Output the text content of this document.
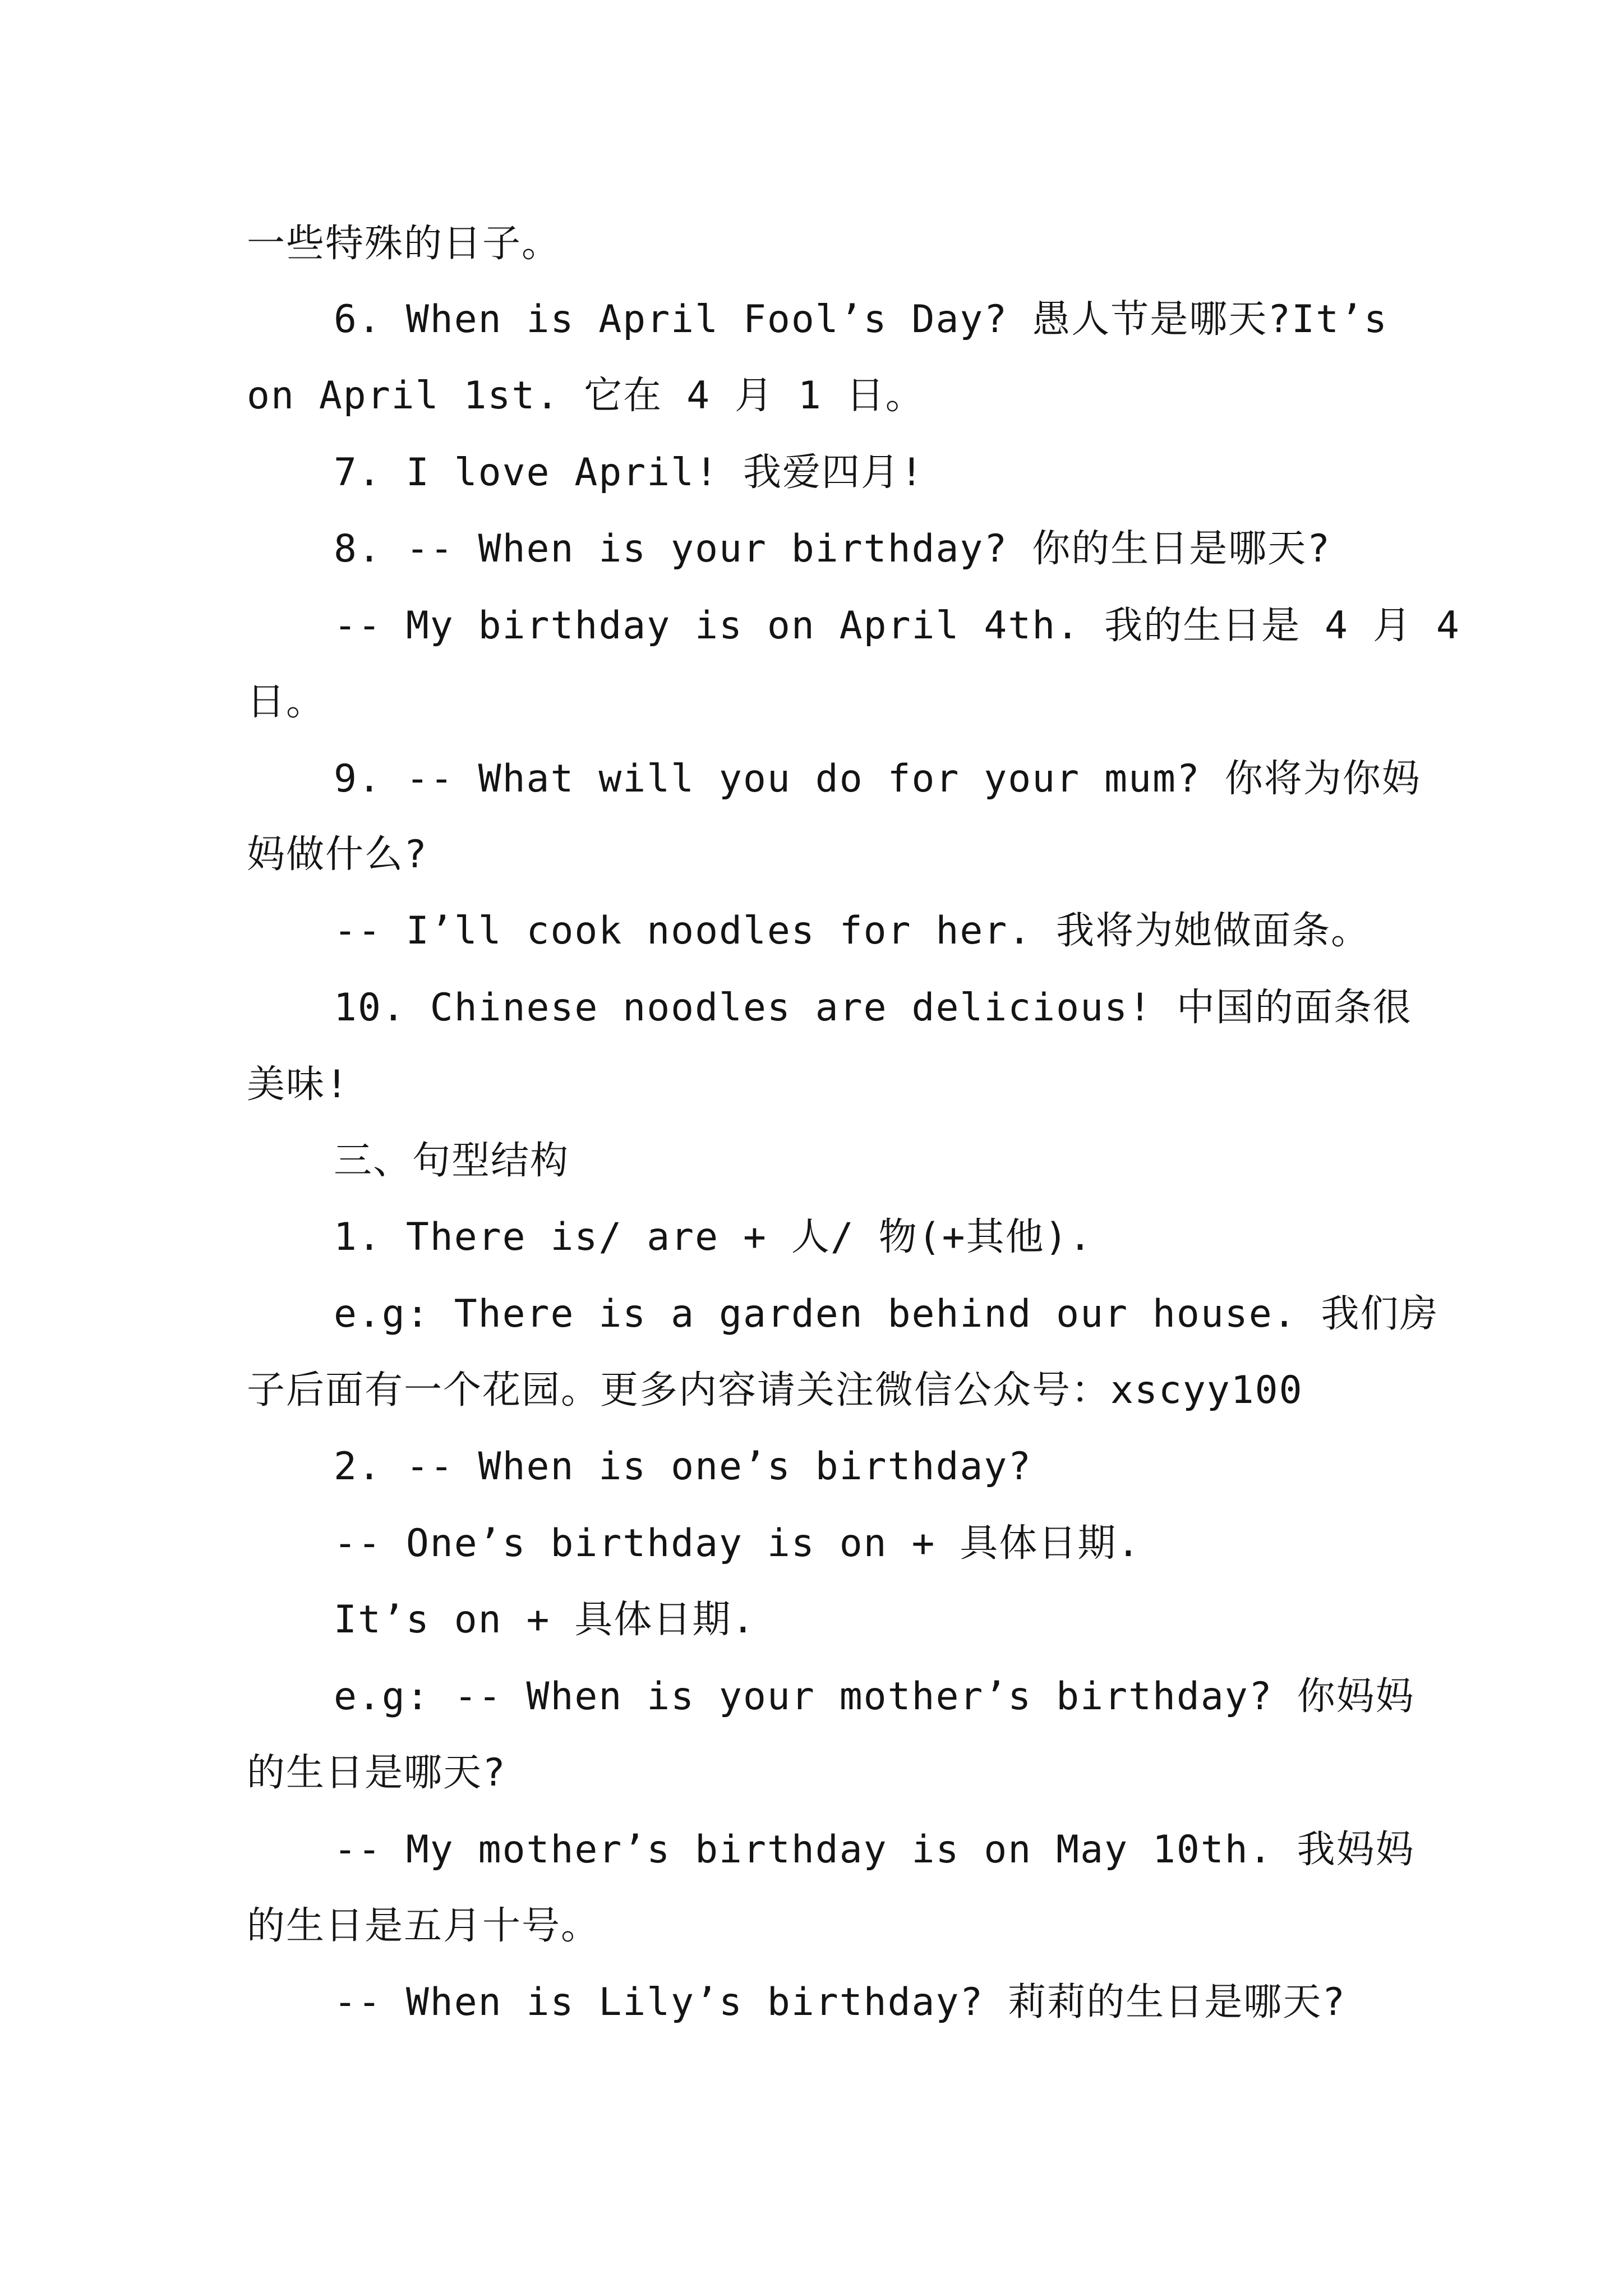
一些特殊的日子。
6. When is April Fool’s Day? 愚人节是哪天?It’s
on April 1st. 它在 4 月 1 日。
7. I love April! 我爱四月!
8. -- When is your birthday? 你的生日是哪天?
-- My birthday is on April 4th. 我的生日是 4 月 4
日。
9. -- What will you do for your mum? 你将为你妈
妈做什么?
-- I’ll cook noodles for her. 我将为她做面条。
10. Chinese noodles are delicious! 中国的面条很
美味!
三、句型结构
1. There is/ are + 人/ 物(+其他).
e.g: There is a garden behind our house. 我们房
子后面有一个花园。更多内容请关注微信公众号：xscyy100
2. -- When is one’s birthday?
-- One’s birthday is on + 具体日期.
It’s on + 具体日期.
e.g: -- When is your mother’s birthday? 你妈妈
的生日是哪天?
-- My mother’s birthday is on May 10th. 我妈妈
的生日是五月十号。
-- When is Lily’s birthday? 莉莉的生日是哪天?
